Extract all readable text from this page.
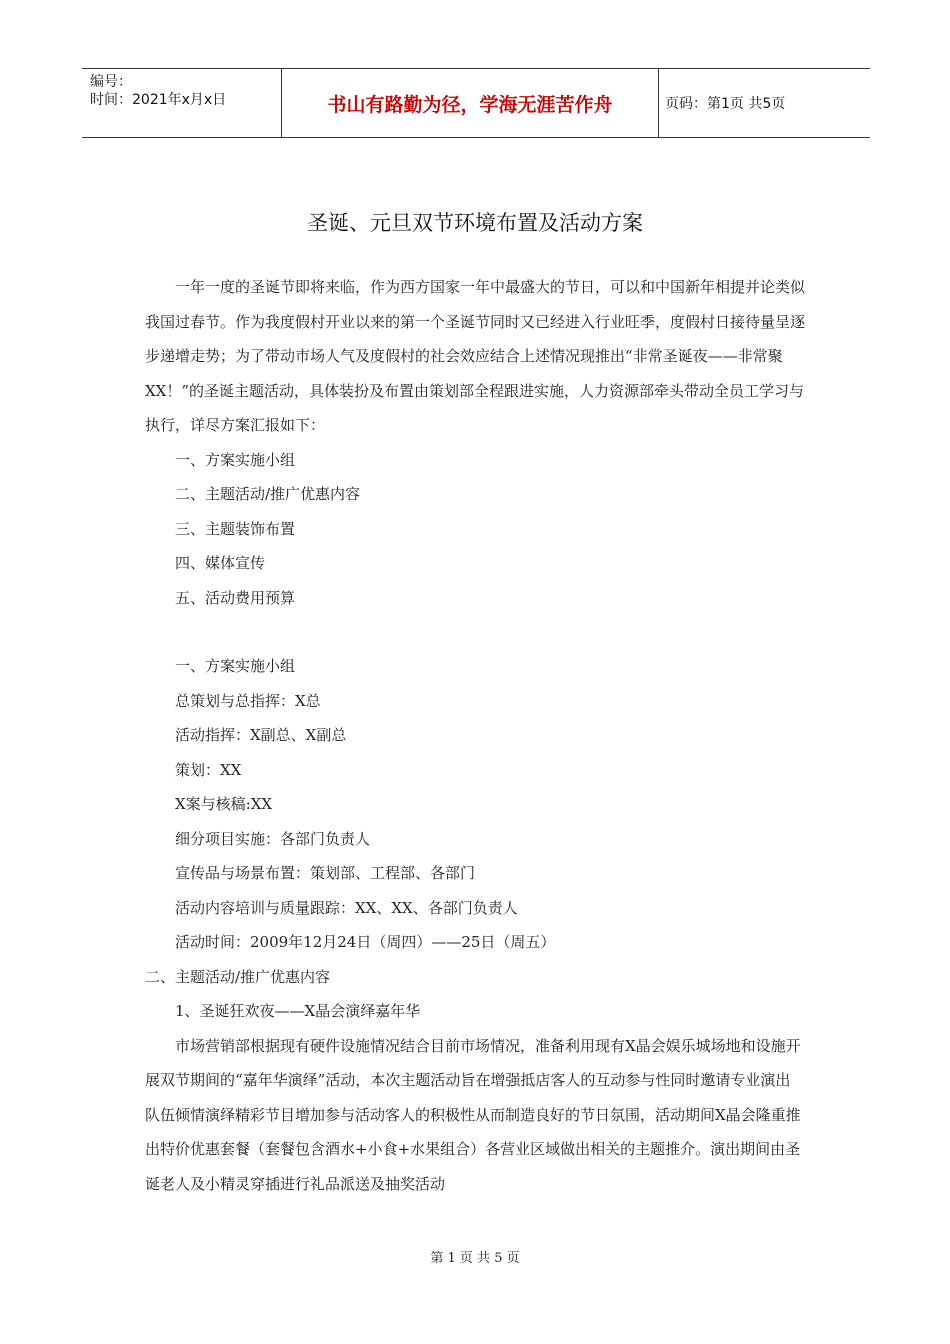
编号：
时间：2021年x月x日	书山有路勤为径，学海无涯苦作舟	页码：第1页 共5页
圣诞、元旦双节环境布置及活动方案

一年一度的圣诞节即将来临，作为西方国家一年中最盛大的节日，可以和中国新年相提并论类似我国过春节。作为我度假村开业以来的第一个圣诞节同时又已经进入行业旺季，度假村日接待量呈逐步递增走势；为了带动市场人气及度假村的社会效应结合上述情况现推出“非常圣诞夜——非常聚XX！”的圣诞主题活动，具体装扮及布置由策划部全程跟进实施，人力资源部牵头带动全员工学习与执行，详尽方案汇报如下：

一、方案实施小组

二、主题活动/推广优惠内容

三、主题装饰布置

四、媒体宣传

五、活动费用预算

一、方案实施小组

总策划与总指挥：X总

活动指挥：X副总、X副总

策划：XX

X案与核稿:XX

细分项目实施：各部门负责人

宣传品与场景布置：策划部、工程部、各部门

活动内容培训与质量跟踪：XX、XX、各部门负责人

活动时间：2009年12月24日（周四）——25日（周五）

二、主题活动/推广优惠内容

1、圣诞狂欢夜——X晶会演绎嘉年华

市场营销部根据现有硬件设施情况结合目前市场情况，准备利用现有X晶会娱乐城场地和设施开展双节期间的“嘉年华演绎”活动，本次主题活动旨在增强抵店客人的互动参与性同时邀请专业演出队伍倾情演绎精彩节目增加参与活动客人的积极性从而制造良好的节日氛围，活动期间X晶会隆重推出特价优惠套餐（套餐包含酒水+小食+水果组合）各营业区域做出相关的主题推介。演出期间由圣诞老人及小精灵穿插进行礼品派送及抽奖活动

第 1 页 共 5 页
